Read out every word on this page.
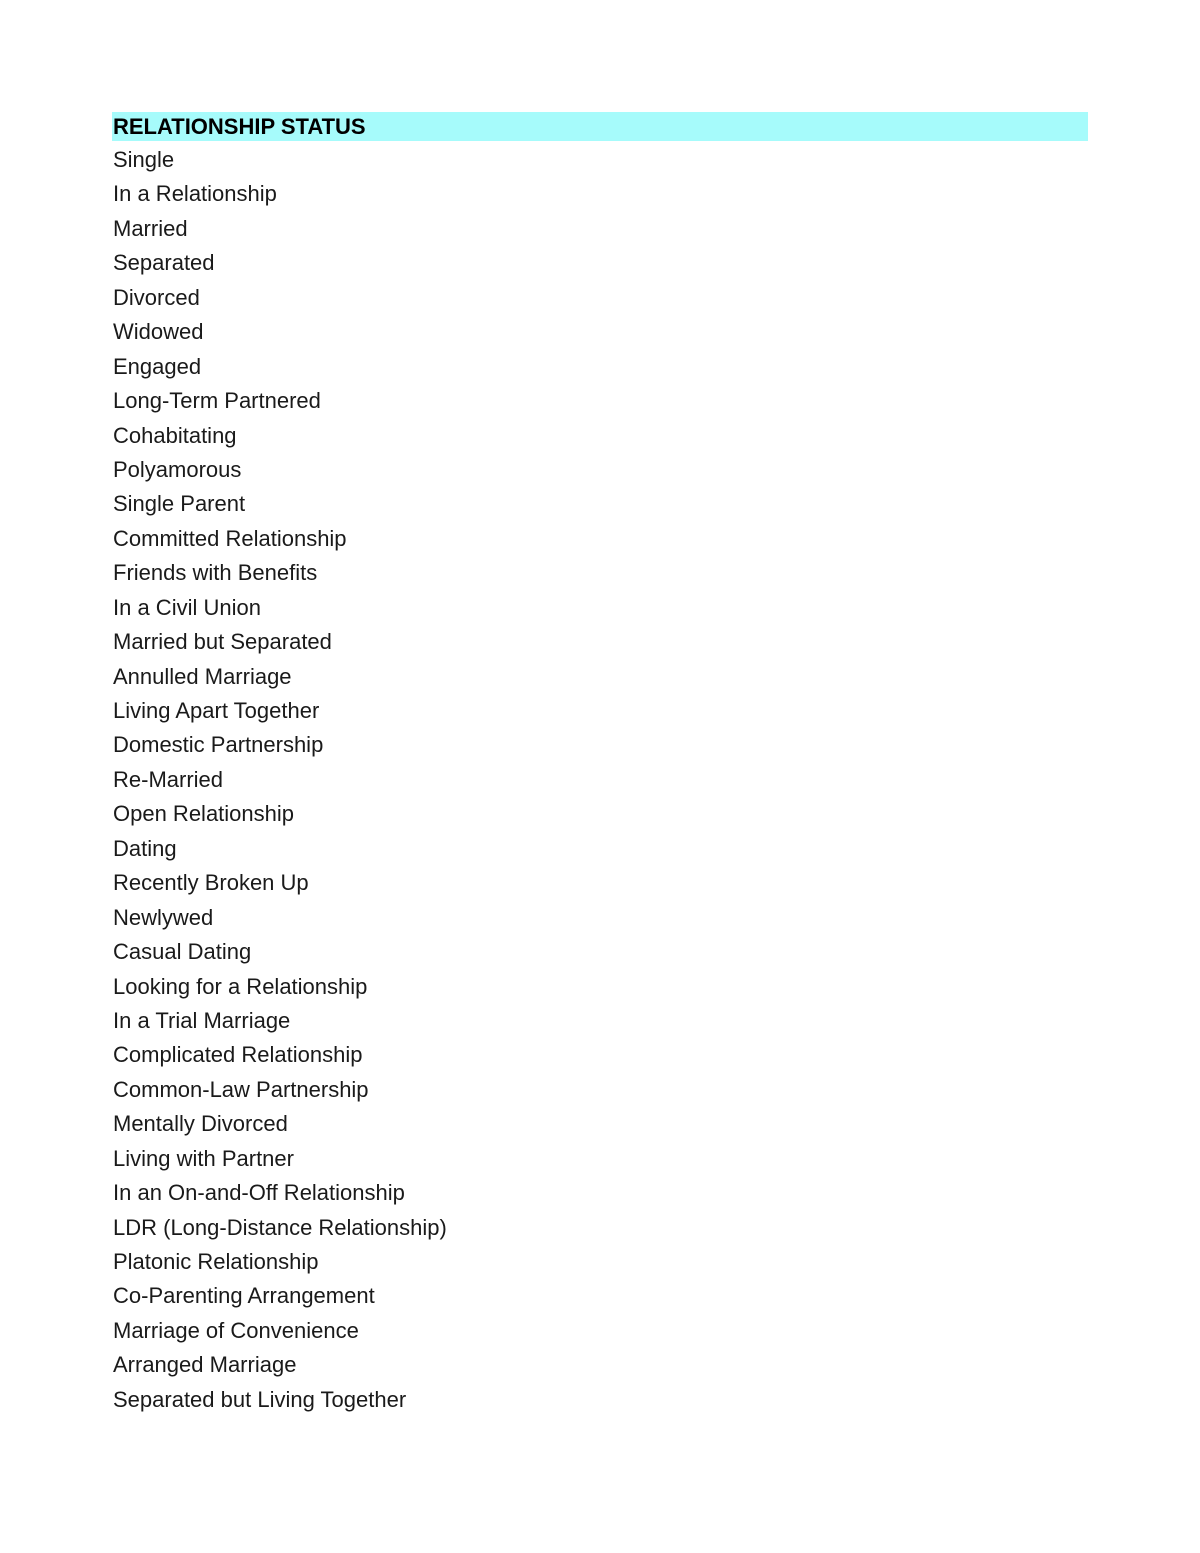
RELATIONSHIP STATUS
Single
In a Relationship
Married
Separated
Divorced
Widowed
Engaged
Long-Term Partnered
Cohabitating
Polyamorous
Single Parent
Committed Relationship
Friends with Benefits
In a Civil Union
Married but Separated
Annulled Marriage
Living Apart Together
Domestic Partnership
Re-Married
Open Relationship
Dating
Recently Broken Up
Newlywed
Casual Dating
Looking for a Relationship
In a Trial Marriage
Complicated Relationship
Common-Law Partnership
Mentally Divorced
Living with Partner
In an On-and-Off Relationship
LDR (Long-Distance Relationship)
Platonic Relationship
Co-Parenting Arrangement
Marriage of Convenience
Arranged Marriage
Separated but Living Together
